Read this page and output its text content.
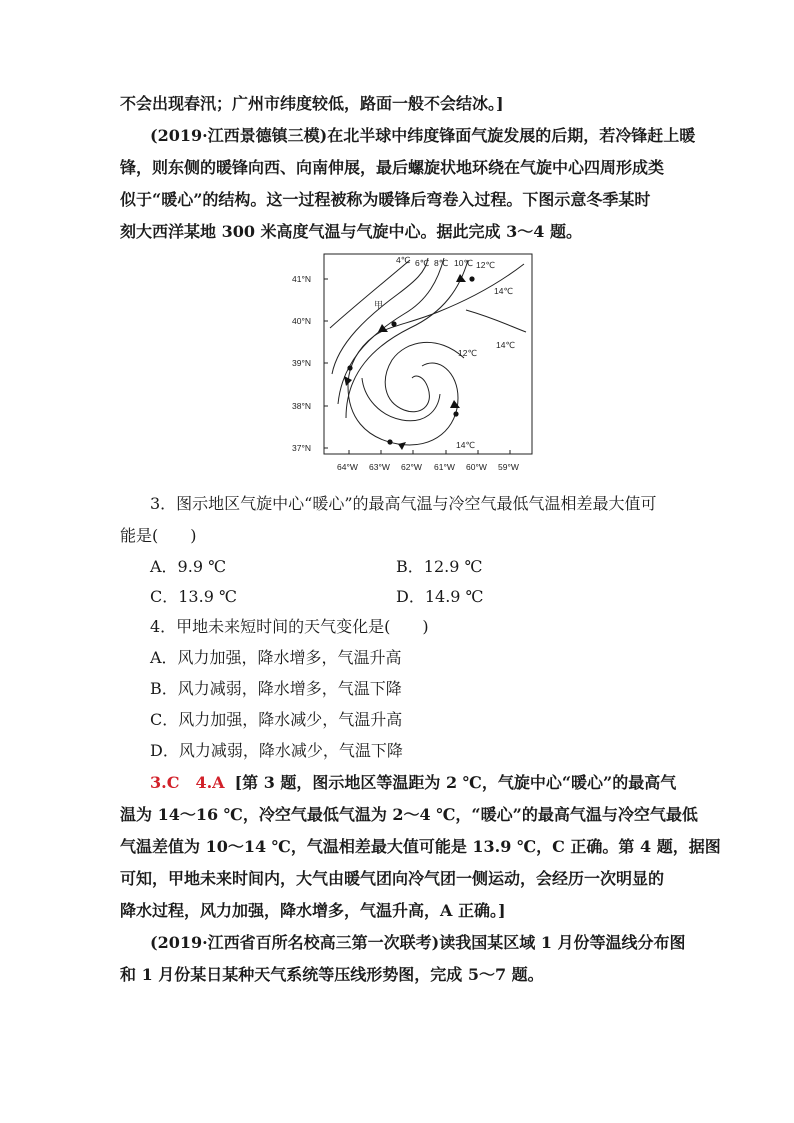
不会出现春汛；广州市纬度较低，路面一般不会结冰。]
(2019·江西景德镇三模)在北半球中纬度锋面气旋发展的后期，若冷锋赶上暖
锋，则东侧的暖锋向西、向南伸展，最后螺旋状地环绕在气旋中心四周形成类
似于“暖心”的结构。这一过程被称为暖锋后弯卷入过程。下图示意冬季某时
刻大西洋某地 300 米高度气温与气旋中心。据此完成 3～4 题。
41°N
40°N
39°N
38°N
37°N
64°W 63°W 62°W 61°W 60°W 59°W
4℃ 6℃ 8℃ 10℃ 12℃
14℃
14℃
12℃
14℃
甲
3．图示地区气旋中心“暖心”的最高气温与冷空气最低气温相差最大值可
能是(　　)
A．9.9 ℃	B．12.9 ℃
C．13.9 ℃	D．14.9 ℃
4．甲地未来短时间的天气变化是(　　)
A．风力加强，降水增多，气温升高
B．风力减弱，降水增多，气温下降
C．风力加强，降水减少，气温升高
D．风力减弱，降水减少，气温下降
3.C　4.A [第 3 题，图示地区等温距为 2 ℃，气旋中心“暖心”的最高气
温为 14～16 ℃，冷空气最低气温为 2～4 ℃，“暖心”的最高气温与冷空气最低
气温差值为 10～14 ℃，气温相差最大值可能是 13.9 ℃，C 正确。第 4 题，据图
可知，甲地未来时间内，大气由暖气团向冷气团一侧运动，会经历一次明显的
降水过程，风力加强，降水增多，气温升高，A 正确。]
(2019·江西省百所名校高三第一次联考)读我国某区域 1 月份等温线分布图
和 1 月份某日某种天气系统等压线形势图，完成 5～7 题。
